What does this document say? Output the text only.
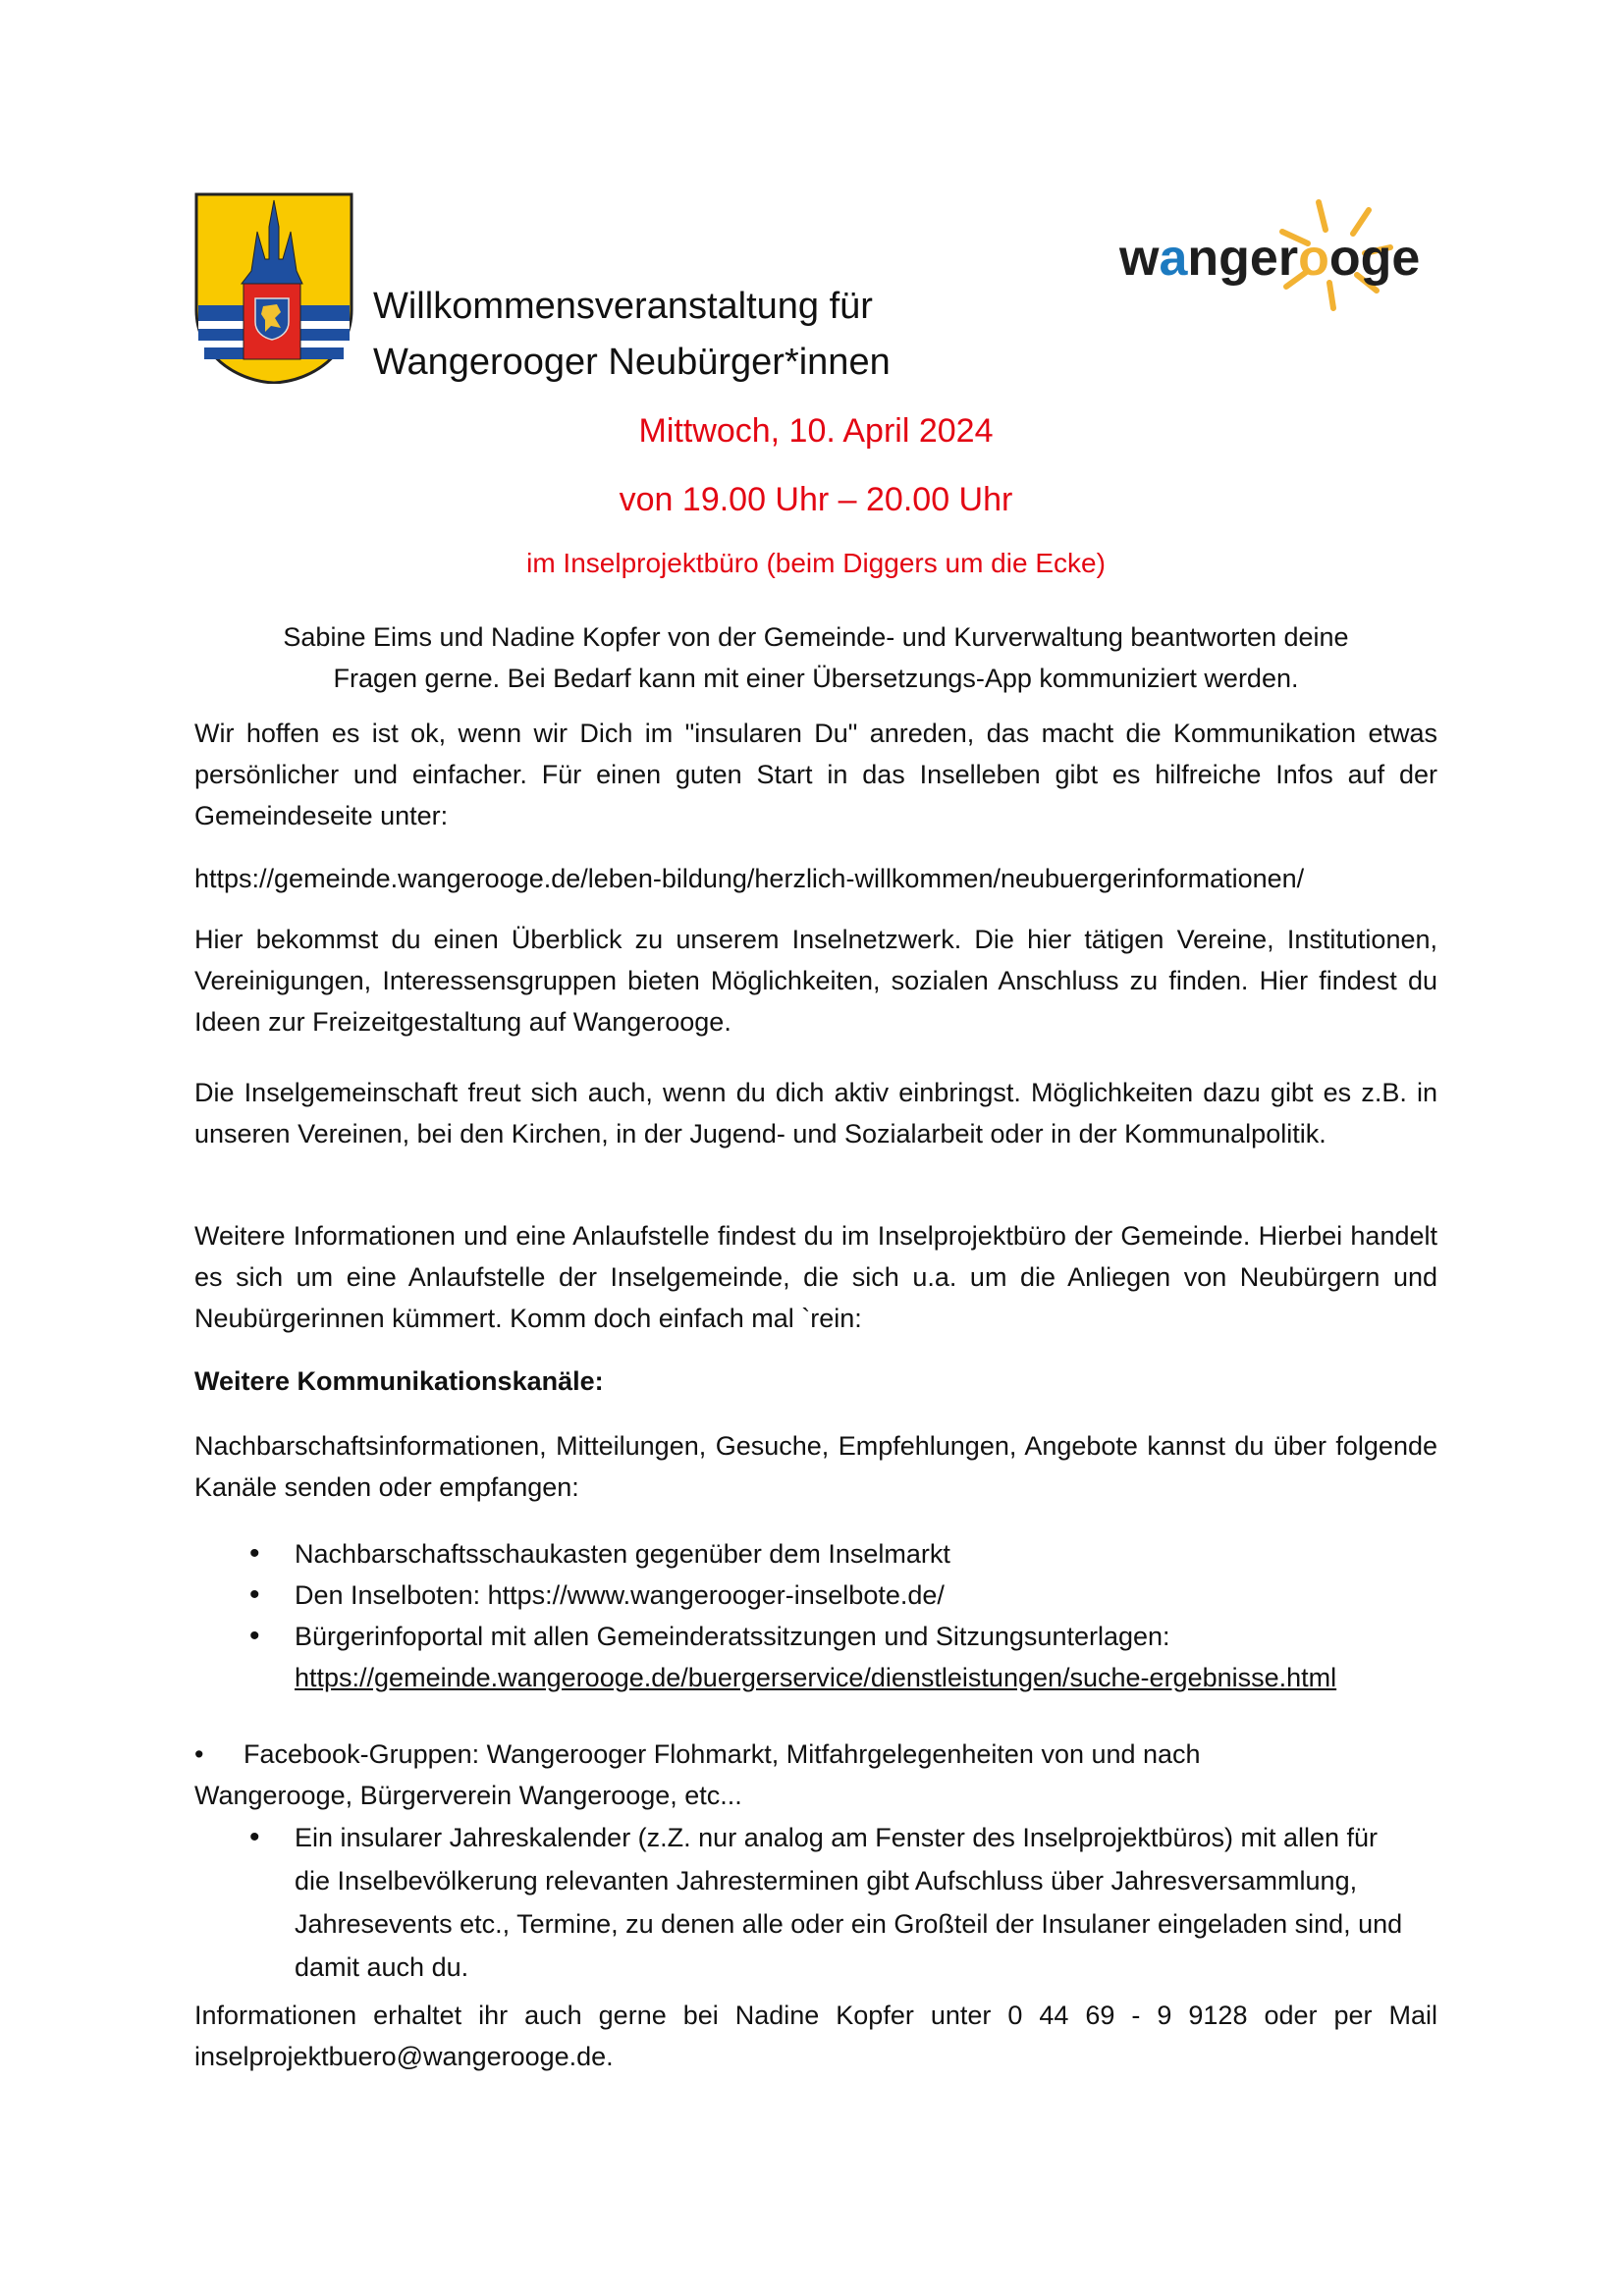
wangerooge
Willkommensveranstaltung für
Wangerooger Neubürger*innen
Mittwoch, 10. April 2024
von 19.00 Uhr – 20.00 Uhr
im Inselprojektbüro (beim Diggers um die Ecke)
Sabine Eims und Nadine Kopfer von der Gemeinde- und Kurverwaltung beantworten deine
Fragen gerne. Bei Bedarf kann mit einer Übersetzungs-App kommuniziert werden.

Wir hoffen es ist ok, wenn wir Dich im "insularen Du" anreden, das macht die Kommunikation etwas persönlicher und einfacher. Für einen guten Start in das Inselleben gibt es hilfreiche Infos auf der Gemeindeseite unter:

https://gemeinde.wangerooge.de/leben-bildung/herzlich-willkommen/neubuergerinformationen/

Hier bekommst du einen Überblick zu unserem Inselnetzwerk. Die hier tätigen Vereine, Institutionen, Vereinigungen, Interessensgruppen bieten Möglichkeiten, sozialen Anschluss zu finden. Hier findest du Ideen zur Freizeitgestaltung auf Wangerooge.

Die Inselgemeinschaft freut sich auch, wenn du dich aktiv einbringst. Möglichkeiten dazu gibt es z.B. in unseren Vereinen, bei den Kirchen, in der Jugend- und Sozialarbeit oder in der Kommunalpolitik.

Weitere Informationen und eine Anlaufstelle findest du im Inselprojektbüro der Gemeinde. Hierbei handelt es sich um eine Anlaufstelle der Inselgemeinde, die sich u.a. um die Anliegen von Neubürgern und Neubürgerinnen kümmert. Komm doch einfach mal `rein:

Weitere Kommunikationskanäle:

Nachbarschaftsinformationen, Mitteilungen, Gesuche, Empfehlungen, Angebote kannst du über folgende Kanäle senden oder empfangen:

• Nachbarschaftsschaukasten gegenüber dem Inselmarkt
• Den Inselboten: https://www.wangerooger-inselbote.de/
• Bürgerinfoportal mit allen Gemeinderatssitzungen und Sitzungsunterlagen:
https://gemeinde.wangerooge.de/buergerservice/dienstleistungen/suche-ergebnisse.html
• Facebook-Gruppen: Wangerooger Flohmarkt, Mitfahrgelegenheiten von und nach
Wangerooge, Bürgerverein Wangerooge, etc...
• Ein insularer Jahreskalender (z.Z. nur analog am Fenster des Inselprojektbüros) mit allen für die Inselbevölkerung relevanten Jahresterminen gibt Aufschluss über Jahresversammlung, Jahresevents etc., Termine, zu denen alle oder ein Großteil der Insulaner eingeladen sind, und damit auch du.

Informationen erhaltet ihr auch gerne bei Nadine Kopfer unter 0 44 69 - 9 9128 oder per Mail inselprojektbuero@wangerooge.de.
